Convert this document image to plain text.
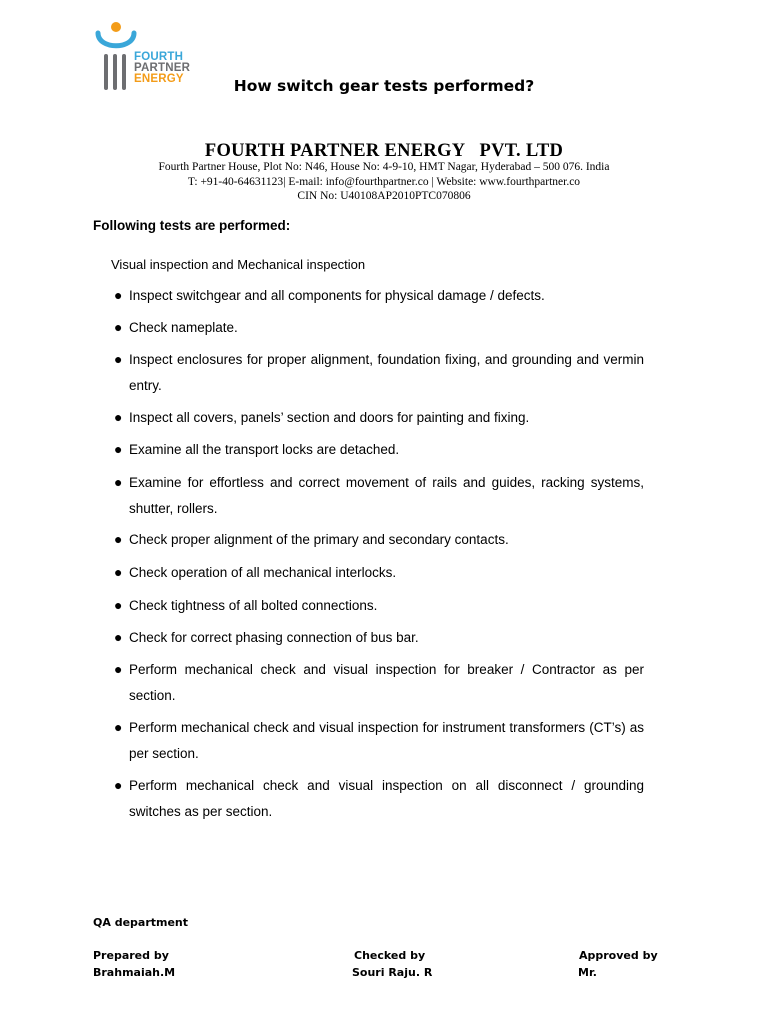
FOURTH
PARTNER
ENERGY	How switch gear tests performed?
FOURTH PARTNER ENERGY   PVT. LTD
Fourth Partner House, Plot No: N46, House No: 4-9-10, HMT Nagar, Hyderabad – 500 076. India
T: +91-40-64631123| E-mail: info@fourthpartner.co | Website: www.fourthpartner.co
CIN No: U40108AP2010PTC070806
Following tests are performed:
Visual inspection and Mechanical inspection
● Inspect switchgear and all components for physical damage / defects.
● Check nameplate.
● Inspect enclosures for proper alignment, foundation fixing, and grounding and vermin entry.
● Inspect all covers, panels’ section and doors for painting and fixing.
● Examine all the transport locks are detached.
● Examine for effortless and correct movement of rails and guides, racking systems, shutter, rollers.
● Check proper alignment of the primary and secondary contacts.
● Check operation of all mechanical interlocks.
● Check tightness of all bolted connections.
● Check for correct phasing connection of bus bar.
● Perform mechanical check and visual inspection for breaker / Contractor as per section.
● Perform mechanical check and visual inspection for instrument transformers (CT’s) as per section.
● Perform mechanical check and visual inspection on all disconnect / grounding switches as per section.
QA department
Prepared by
Brahmaiah.M
Checked by
Souri Raju. R
Approved by
Mr.
